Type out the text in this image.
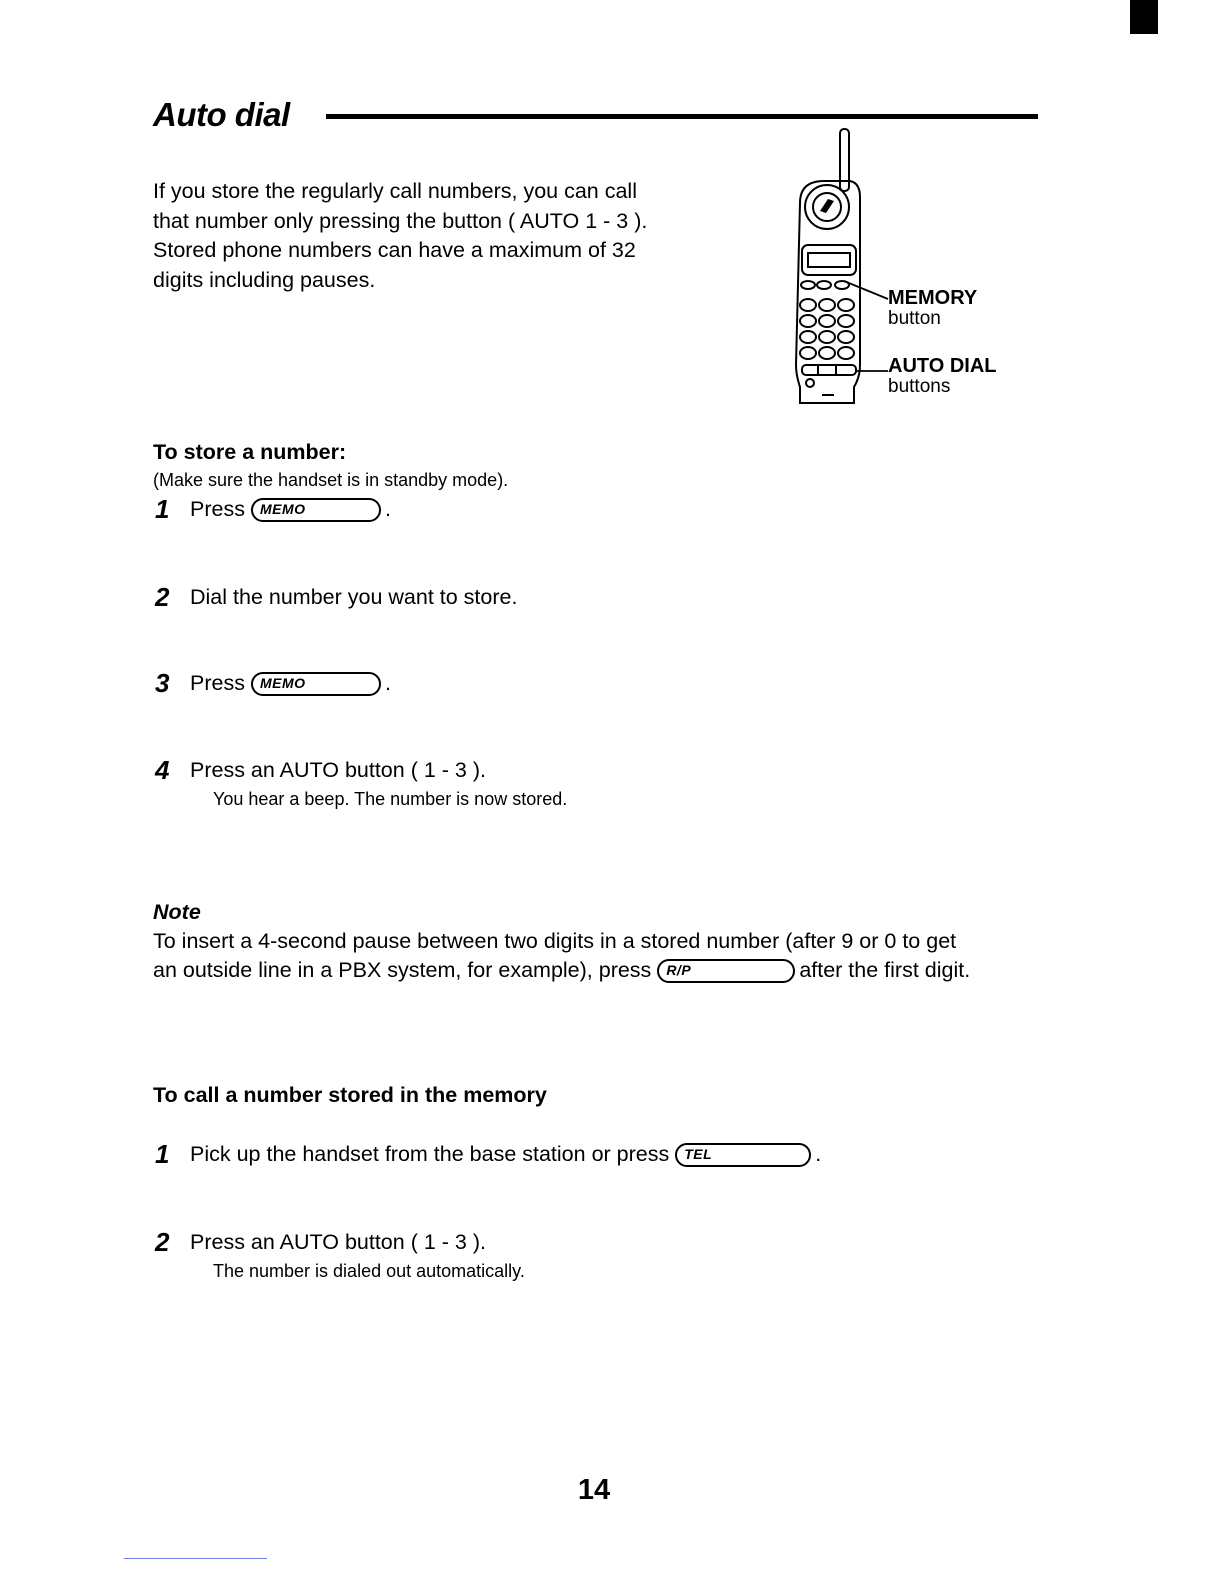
Auto dial
If you store the regularly call numbers, you can call
that number only pressing the button ( AUTO 1 - 3 ).
Stored phone numbers can have a maximum of 32
digits including pauses.
MEMORY
button
AUTO DIAL
buttons
To store a number:
(Make sure the handset is in standby mode).
1 Press MEMO	.
2 Dial the number you want to store.
3 Press MEMO	.
4 Press an AUTO button ( 1 - 3 ).
You hear a beep. The number is now stored.
Note
To insert a 4-second pause between two digits in a stored number (after 9 or 0 to get
an outside line in a PBX system, for example), press R/P	after the first digit.
To call a number stored in the memory
1 Pick up the handset from the base station or press TEL	.
2 Press an AUTO button ( 1 - 3 ).
The number is dialed out automatically.
14
